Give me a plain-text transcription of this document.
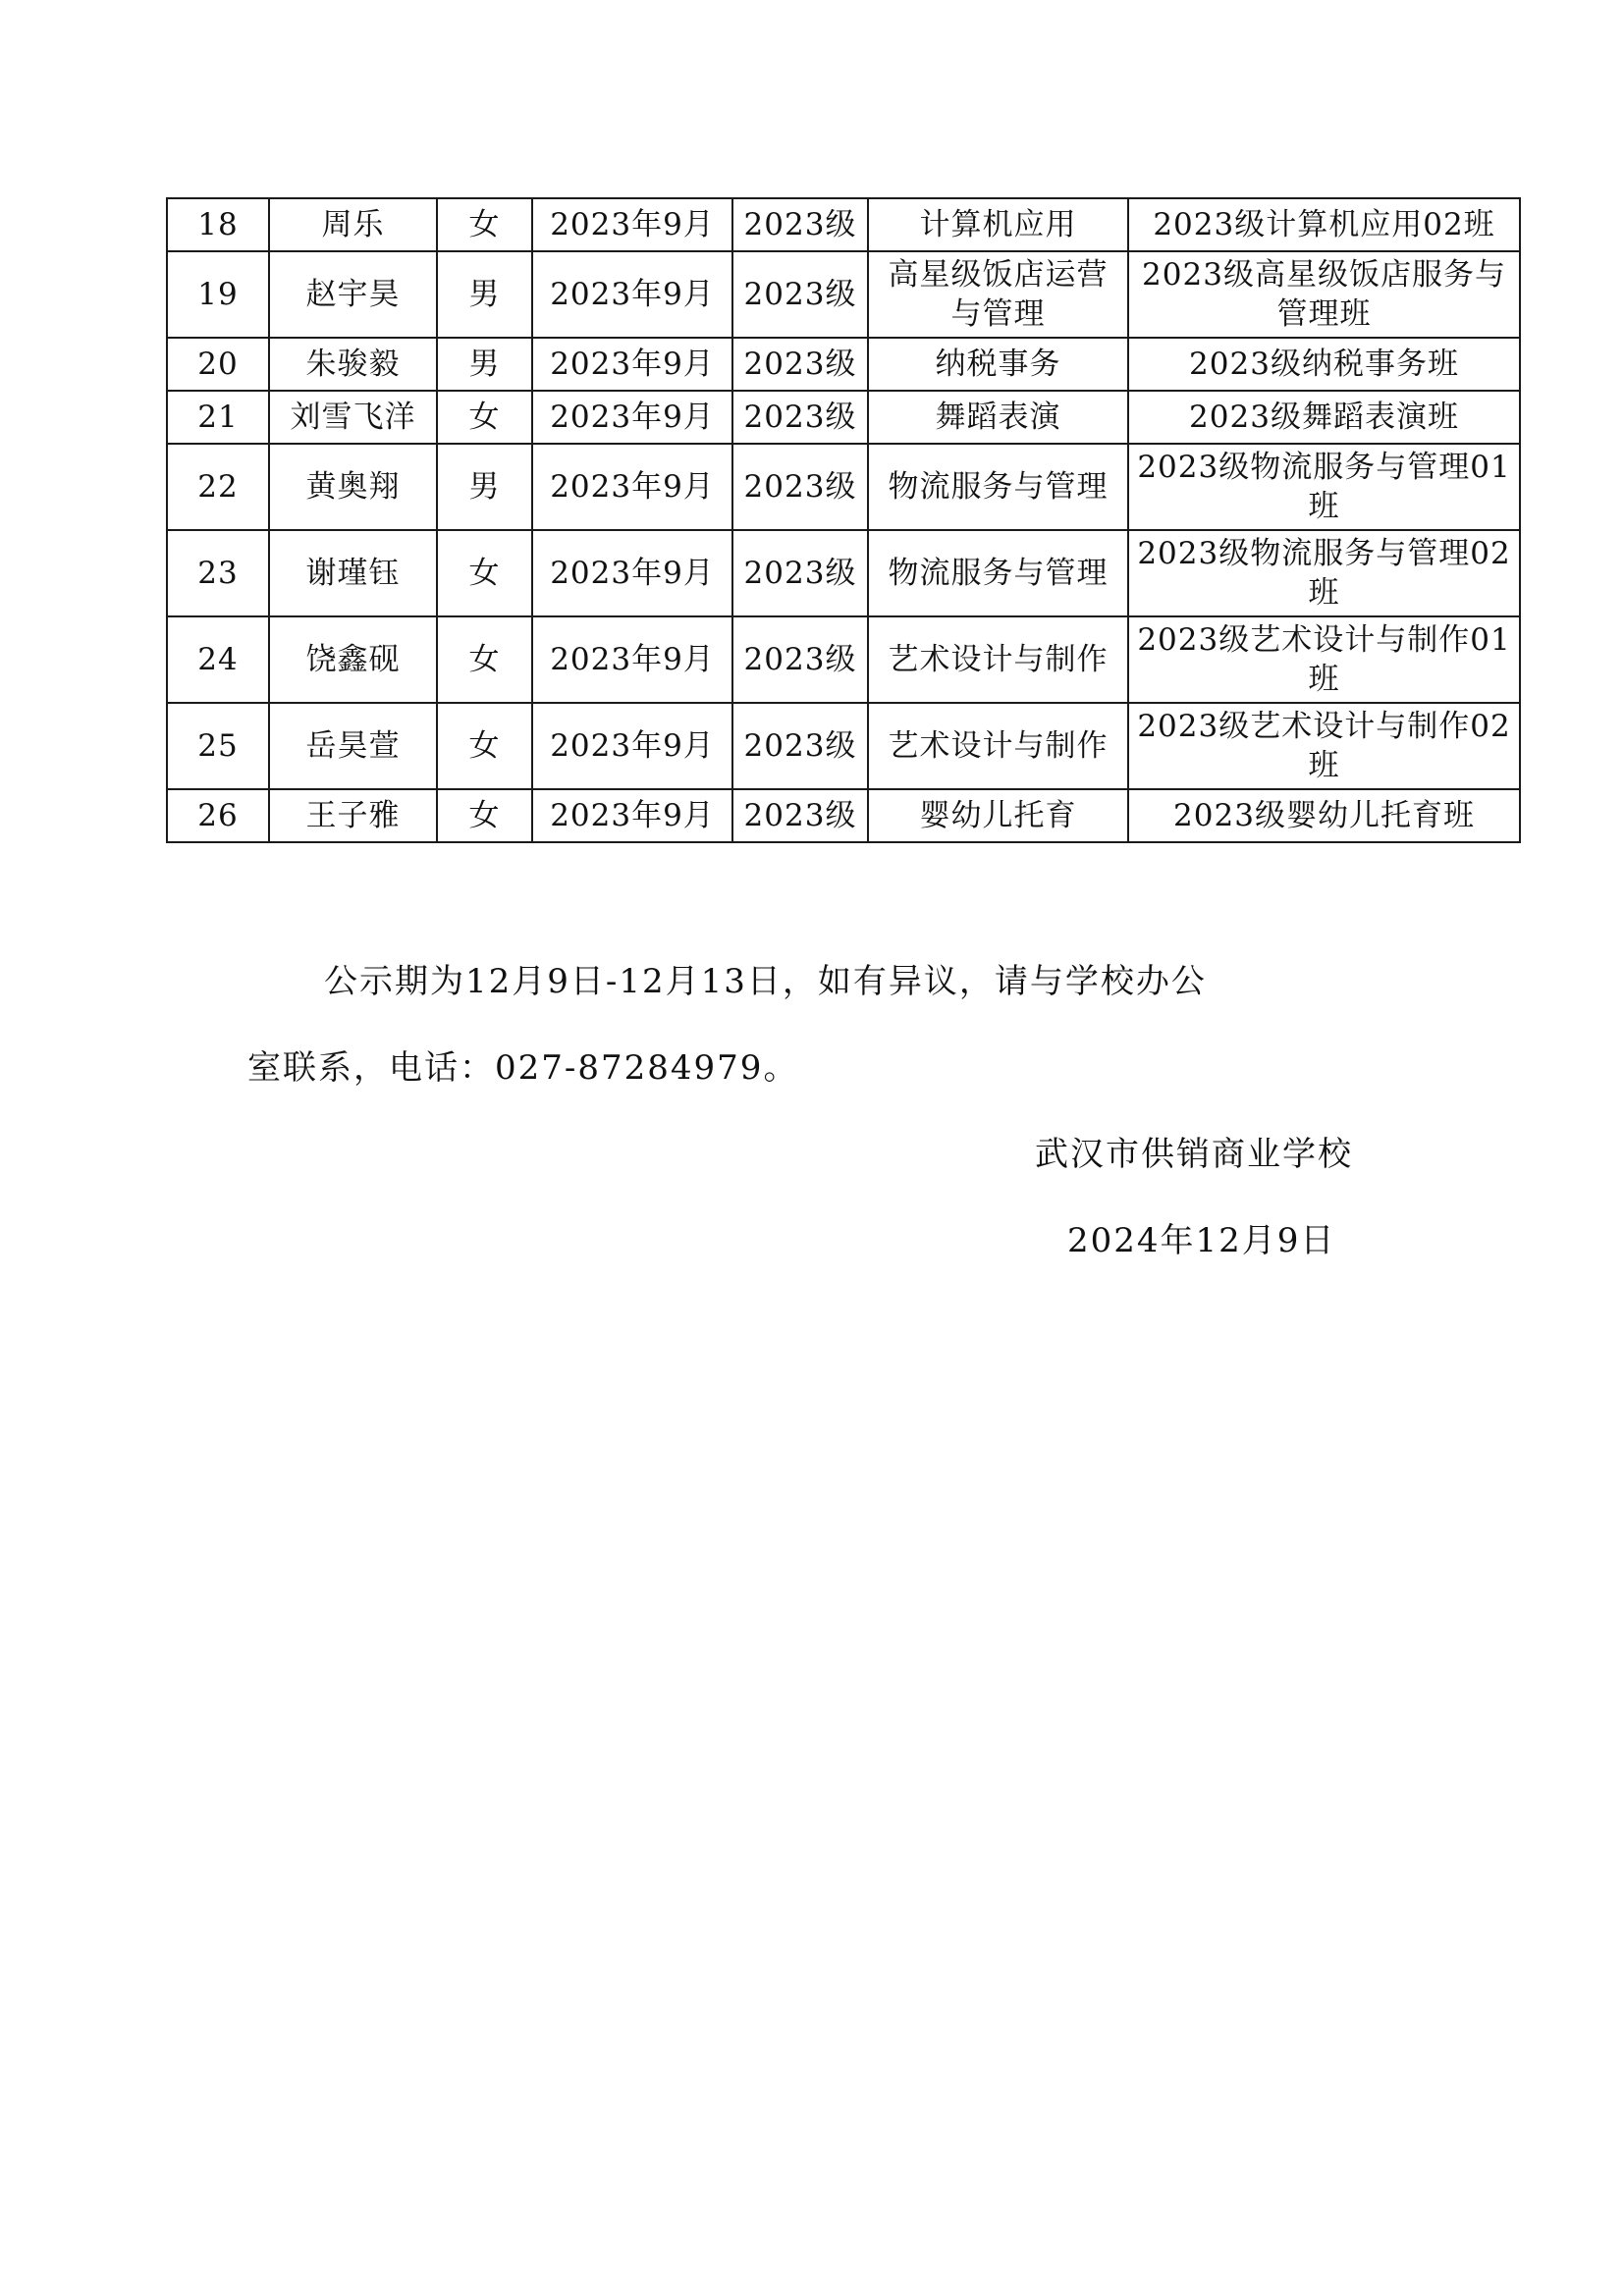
18	周乐	女	2023年9月	2023级	计算机应用	2023级计算机应用02班
19	赵宇昊	男	2023年9月	2023级	高星级饭店运营与管理	2023级高星级饭店服务与管理班
20	朱骏毅	男	2023年9月	2023级	纳税事务	2023级纳税事务班
21	刘雪飞洋	女	2023年9月	2023级	舞蹈表演	2023级舞蹈表演班
22	黄奥翔	男	2023年9月	2023级	物流服务与管理	2023级物流服务与管理01班
23	谢瑾钰	女	2023年9月	2023级	物流服务与管理	2023级物流服务与管理02班
24	饶鑫砚	女	2023年9月	2023级	艺术设计与制作	2023级艺术设计与制作01班
25	岳昊萱	女	2023年9月	2023级	艺术设计与制作	2023级艺术设计与制作02班
26	王子雅	女	2023年9月	2023级	婴幼儿托育	2023级婴幼儿托育班

公示期为12月9日-12月13日，如有异议，请与学校办公

室联系，电话：027-87284979。

武汉市供销商业学校

2024年12月9日
